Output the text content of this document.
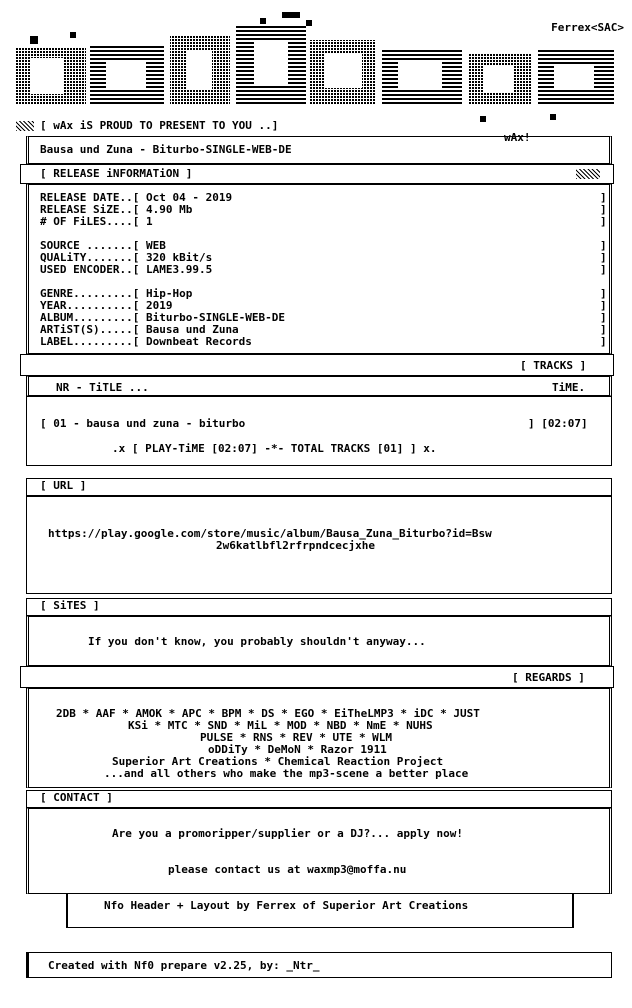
Ferrex<SAC>
[ wAx iS PROUD TO PRESENT TO YOU ..]
wAx!
Bausa und Zuna - Biturbo-SINGLE-WEB-DE
[ RELEASE iNFORMATiON ]
RELEASE DATE..[ Oct 04 - 2019
RELEASE SiZE..[ 4.90 Mb
# OF FiLES....[ 1
SOURCE .......[ WEB
QUALiTY.......[ 320 kBit/s
USED ENCODER..[ LAME3.99.5
GENRE.........[ Hip-Hop
YEAR..........[ 2019
ALBUM.........[ Biturbo-SINGLE-WEB-DE
ARTiST(S).....[ Bausa und Zuna
LABEL.........[ Downbeat Records
]
]
]

]
]
]

]
]
]
]
]
[ TRACKS ]
NR - TiTLE ...	TiME.
[ 01 - bausa und zuna - biturbo	] [02:07]
.x [ PLAY-TiME [02:07] -*- TOTAL TRACKS [01] ] x.
[ URL ]
https://play.google.com/store/music/album/Bausa_Zuna_Biturbo?id=Bsw
2w6katlbfl2rfrpndcecjxhe
[ SiTES ]
If you don't know, you probably shouldn't anyway...
[ REGARDS ]
2DB * AAF * AMOK * APC * BPM * DS * EGO * EiTheLMP3 * iDC * JUST
KSi * MTC * SND * MiL * MOD * NBD * NmE * NUHS
PULSE * RNS * REV * UTE * WLM
oDDiTy * DeMoN * Razor 1911
Superior Art Creations * Chemical Reaction Project
...and all others who make the mp3-scene a better place
[ CONTACT ]
Are you a promoripper/supplier or a DJ?... apply now!
please contact us at waxmp3@moffa.nu
Nfo Header + Layout by Ferrex of Superior Art Creations
Created with Nf0 prepare v2.25, by: _Ntr_
